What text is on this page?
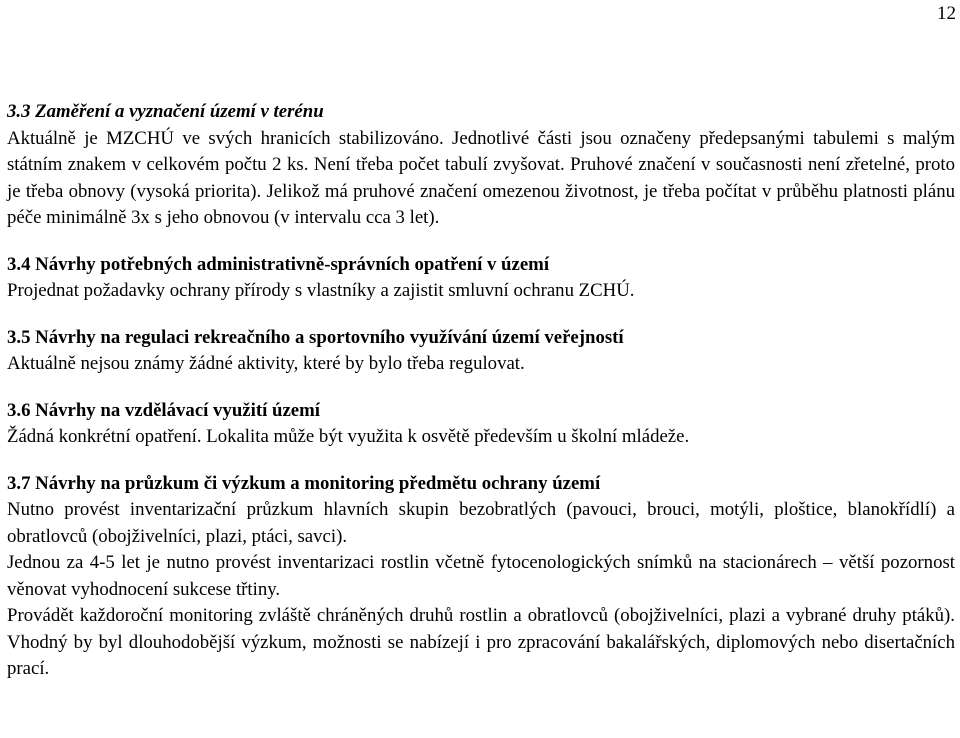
12
3.3 Zaměření a vyznačení území v terénu

Aktuálně je MZCHÚ ve svých hranicích stabilizováno. Jednotlivé části jsou označeny předepsanými tabulemi s malým státním znakem v celkovém počtu 2 ks. Není třeba počet tabulí zvyšovat. Pruhové značení v současnosti není zřetelné, proto je třeba obnovy (vysoká priorita). Jelikož má pruhové značení omezenou životnost, je třeba počítat v průběhu platnosti plánu péče minimálně 3x s jeho obnovou (v intervalu cca 3 let).

3.4 Návrhy potřebných administrativně-správních opatření v území

Projednat požadavky ochrany přírody s vlastníky a zajistit smluvní ochranu ZCHÚ.

3.5 Návrhy na regulaci rekreačního a sportovního využívání území veřejností

Aktuálně nejsou známy žádné aktivity, které by bylo třeba regulovat.

3.6 Návrhy na vzdělávací využití území

Žádná konkrétní opatření. Lokalita může být využita k osvětě především u školní mládeže.

3.7 Návrhy na průzkum či výzkum a monitoring předmětu ochrany území

Nutno provést inventarizační průzkum hlavních skupin bezobratlých (pavouci, brouci, motýli, ploštice, blanokřídlí) a obratlovců (obojživelníci, plazi, ptáci, savci).

Jednou za 4-5 let je nutno provést inventarizaci rostlin včetně fytocenologických snímků na stacionárech – větší pozornost věnovat vyhodnocení sukcese třtiny.

Provádět každoroční monitoring zvláště chráněných druhů rostlin a obratlovců (obojživelníci, plazi a vybrané druhy ptáků). Vhodný by byl dlouhodobější výzkum, možnosti se nabízejí i pro zpracování bakalářských, diplomových nebo disertačních prací.
